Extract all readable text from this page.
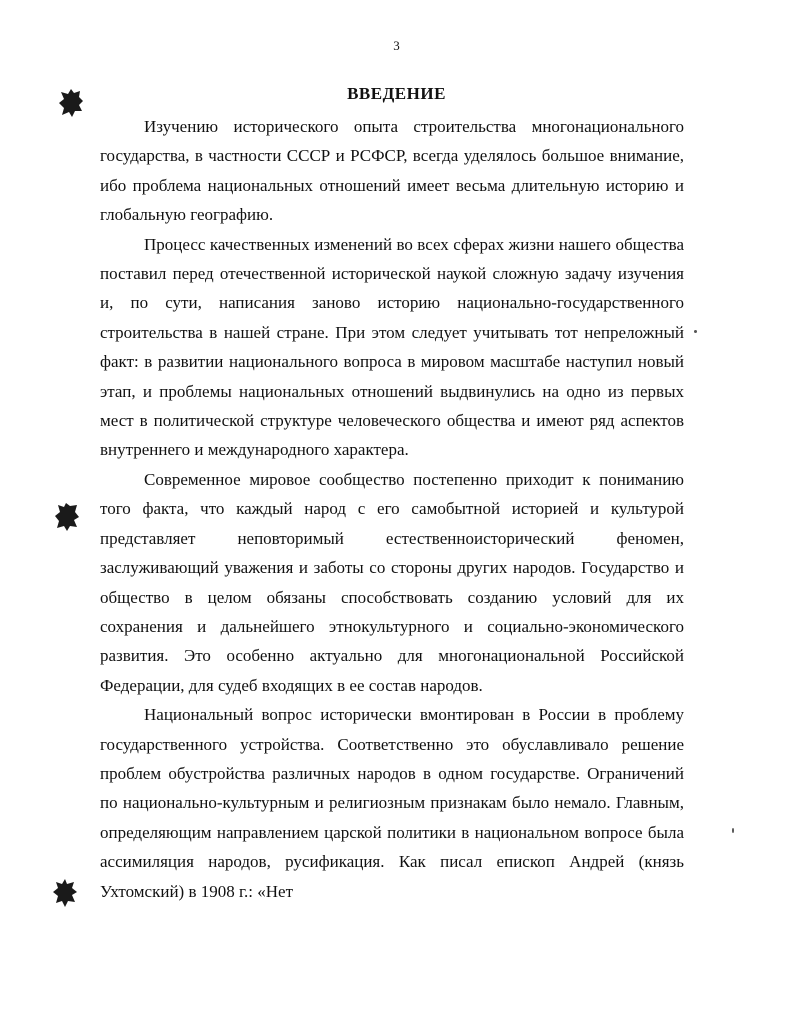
3
ВВЕДЕНИЕ

Изучению исторического опыта строительства многонационального государства, в частности СССР и РСФСР, всегда уделялось большое внимание, ибо проблема национальных отношений имеет весьма длительную историю и глобальную географию.

Процесс качественных изменений во всех сферах жизни нашего общества поставил перед отечественной исторической наукой сложную задачу изучения и, по сути, написания заново историю национально-государственного строительства в нашей стране. При этом следует учитывать тот непреложный факт: в развитии национального вопроса в мировом масштабе наступил новый этап, и проблемы национальных отношений выдвинулись на одно из первых мест в политической структуре человеческого общества и имеют ряд аспектов внутреннего и международного характера.

Современное мировое сообщество постепенно приходит к пониманию того факта, что каждый народ с его самобытной историей и культурой представляет неповторимый естественноисторический феномен, заслуживающий уважения и заботы со стороны других народов. Государство и общество в целом обязаны способствовать созданию условий для их сохранения и дальнейшего этнокультурного и социально-экономического развития. Это особенно актуально для многонациональной Российской Федерации, для судеб входящих в ее состав народов.

Национальный вопрос исторически вмонтирован в России в проблему государственного устройства. Соответственно это обуславливало решение проблем обустройства различных народов в одном государстве. Ограничений по национально-культурным и религиозным признакам было немало. Главным, определяющим направлением царской политики в национальном вопросе была ассимиляция народов, русификация. Как писал епископ Андрей (князь Ухтомский) в 1908 г.: «Нет
